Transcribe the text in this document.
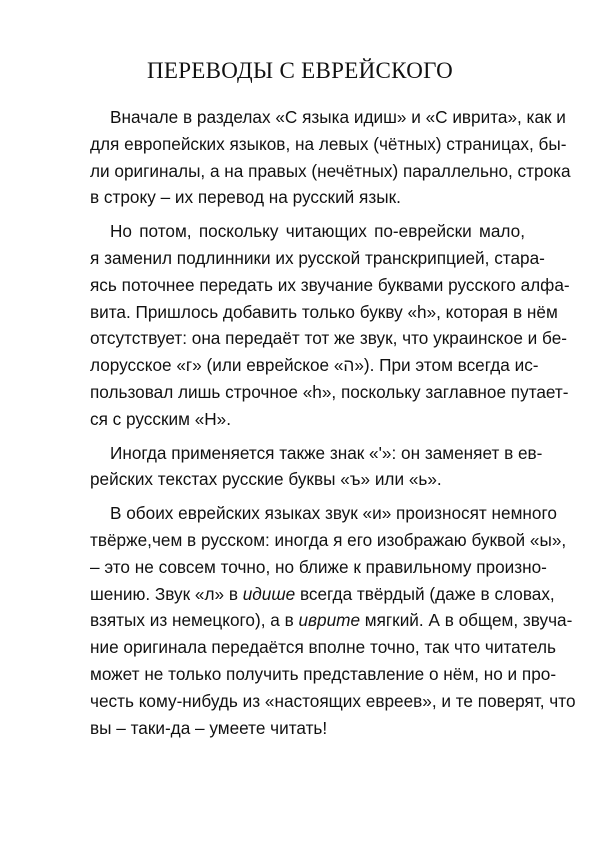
ПЕРЕВОДЫ С ЕВРЕЙСКОГО

Вначале в разделах «С языка идиш» и «С иврита», как и
для европейских языков, на левых (чётных) страницах, бы-
ли оригиналы, а на правых (нечётных) параллельно, строка
в строку – их перевод на русский язык.

Но потом, поскольку читающих по-еврейски мало,
я заменил подлинники их русской транскрипцией, стара-
ясь поточнее передать их звучание буквами русского алфа-
вита. Пришлось добавить только букву «h», которая в нём
отсутствует: она передаёт тот же звук, что украинское и бе-
лорусское «г» (или еврейское «ה»). При этом всегда ис-
пользовал лишь строчное «h», поскольку заглавное путает-
ся с русским «Н».

Иногда применяется также знак «'»: он заменяет в ев-
рейских текстах русские буквы «ъ» или «ь».

В обоих еврейских языках звук «и» произносят немного
твёрже,чем в русском: иногда я его изображаю буквой «ы»,
– это не совсем точно, но ближе к правильному произно-
шению. Звук «л» в идише всегда твёрдый (даже в словах,
взятых из немецкого), а в иврите мягкий. А в общем, звуча-
ние оригинала передаётся вполне точно, так что читатель
может не только получить представление о нём, но и про-
честь кому-нибудь из «настоящих евреев», и те поверят, что
вы – таки-да – умеете читать!
